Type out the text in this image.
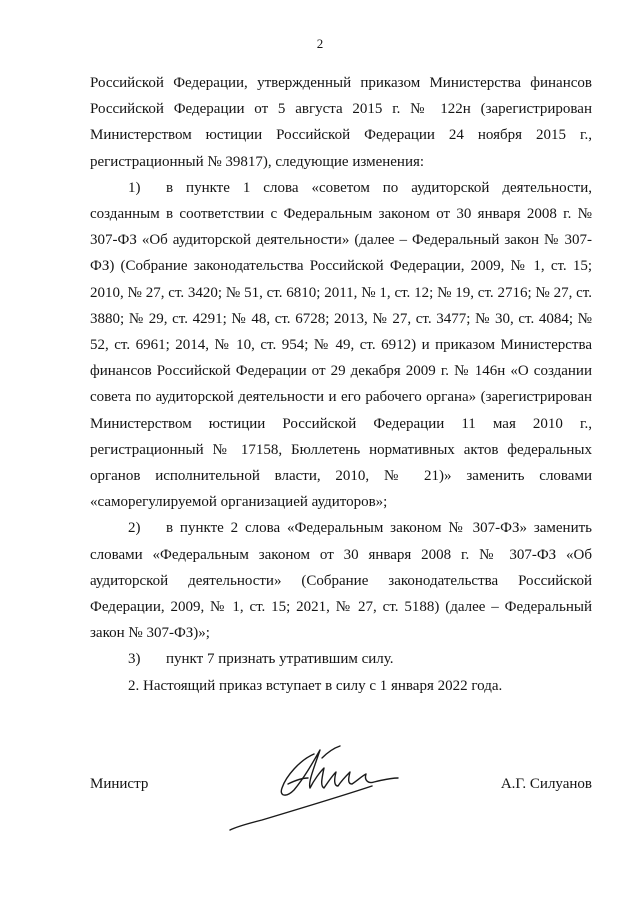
2

Российской Федерации, утвержденный приказом Министерства финансов Российской Федерации от 5 августа 2015 г. № 122н (зарегистрирован Министерством юстиции Российской Федерации 24 ноября 2015 г., регистрационный № 39817), следующие изменения:

1) в пункте 1 слова «советом по аудиторской деятельности, созданным в соответствии с Федеральным законом от 30 января 2008 г. № 307-ФЗ «Об аудиторской деятельности» (далее – Федеральный закон № 307-ФЗ) (Собрание законодательства Российской Федерации, 2009, № 1, ст. 15; 2010, № 27, ст. 3420; № 51, ст. 6810; 2011, № 1, ст. 12; № 19, ст. 2716; № 27, ст. 3880; № 29, ст. 4291; № 48, ст. 6728; 2013, № 27, ст. 3477; № 30, ст. 4084; № 52, ст. 6961; 2014, № 10, ст. 954; № 49, ст. 6912) и приказом Министерства финансов Российской Федерации от 29 декабря 2009 г. № 146н «О создании совета по аудиторской деятельности и его рабочего органа» (зарегистрирован Министерством юстиции Российской Федерации 11 мая 2010 г., регистрационный № 17158, Бюллетень нормативных актов федеральных органов исполнительной власти, 2010, № 21)» заменить словами «саморегулируемой организацией аудиторов»;

2) в пункте 2 слова «Федеральным законом № 307-ФЗ» заменить словами «Федеральным законом от 30 января 2008 г. № 307-ФЗ «Об аудиторской деятельности» (Собрание законодательства Российской Федерации, 2009, № 1, ст. 15; 2021, № 27, ст. 5188) (далее – Федеральный закон № 307-ФЗ)»;

3) пункт 7 признать утратившим силу.

2. Настоящий приказ вступает в силу с 1 января 2022 года.

Министр	А.Г. Силуанов
